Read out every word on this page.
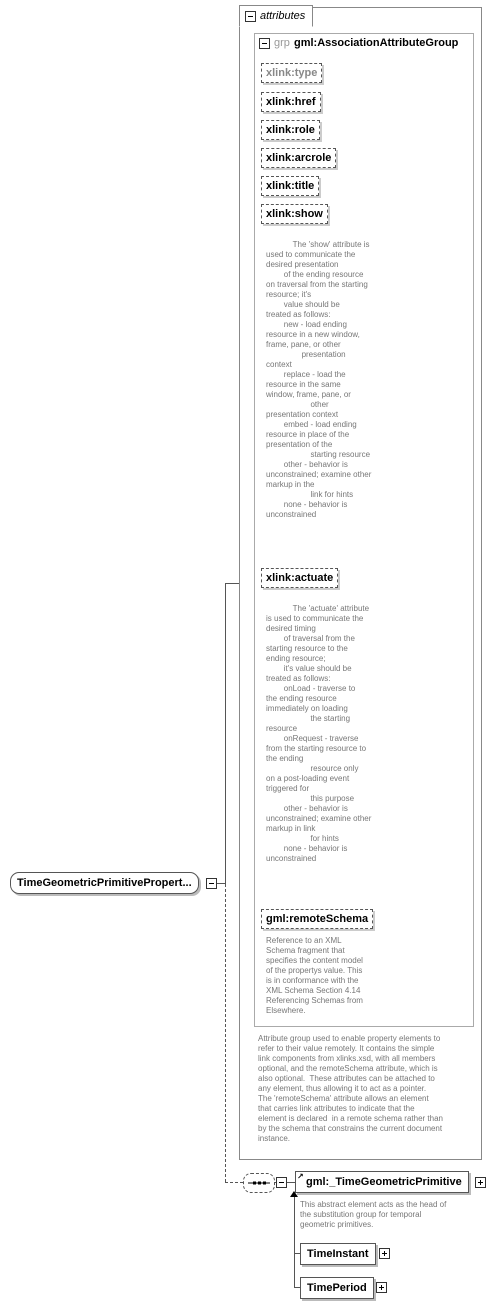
attributes
grp gml:AssociationAttributeGroup
xlink:type
xlink:href
xlink:role
xlink:arcrole
xlink:title
xlink:show
The 'show' attribute is
used to communicate the
desired presentation
of the ending resource
on traversal from the starting
resource; it's
value should be
treated as follows:
new - load ending
resource in a new window,
frame, pane, or other
presentation
context
replace - load the
resource in the same
window, frame, pane, or
other
presentation context
embed - load ending
resource in place of the
presentation of the
starting resource
other - behavior is
unconstrained; examine other
markup in the
link for hints
none - behavior is
unconstrained
xlink:actuate
The 'actuate' attribute
is used to communicate the
desired timing
of traversal from the
starting resource to the
ending resource;
it's value should be
treated as follows:
onLoad - traverse to
the ending resource
immediately on loading
the starting
resource
onRequest - traverse
from the starting resource to
the ending
resource only
on a post-loading event
triggered for
this purpose
other - behavior is
unconstrained; examine other
markup in link
for hints
none - behavior is
unconstrained
gml:remoteSchema
Reference to an XML
Schema fragment that
specifies the content model
of the propertys value. This
is in conformance with the
XML Schema Section 4.14
Referencing Schemas from
Elsewhere.
Attribute group used to enable property elements to
refer to their value remotely. It contains the simple
link components from xlinks.xsd, with all members
optional, and the remoteSchema attribute, which is
also optional.  These attributes can be attached to
any element, thus allowing it to act as a pointer.
The 'remoteSchema' attribute allows an element
that carries link attributes to indicate that the
element is declared  in a remote schema rather than
by the schema that constrains the current document
instance.
TimeGeometricPrimitivePropert...
↗ gml:_TimeGeometricPrimitive
This abstract element acts as the head of
the substitution group for temporal
geometric primitives.
TimeInstant
TimePeriod
